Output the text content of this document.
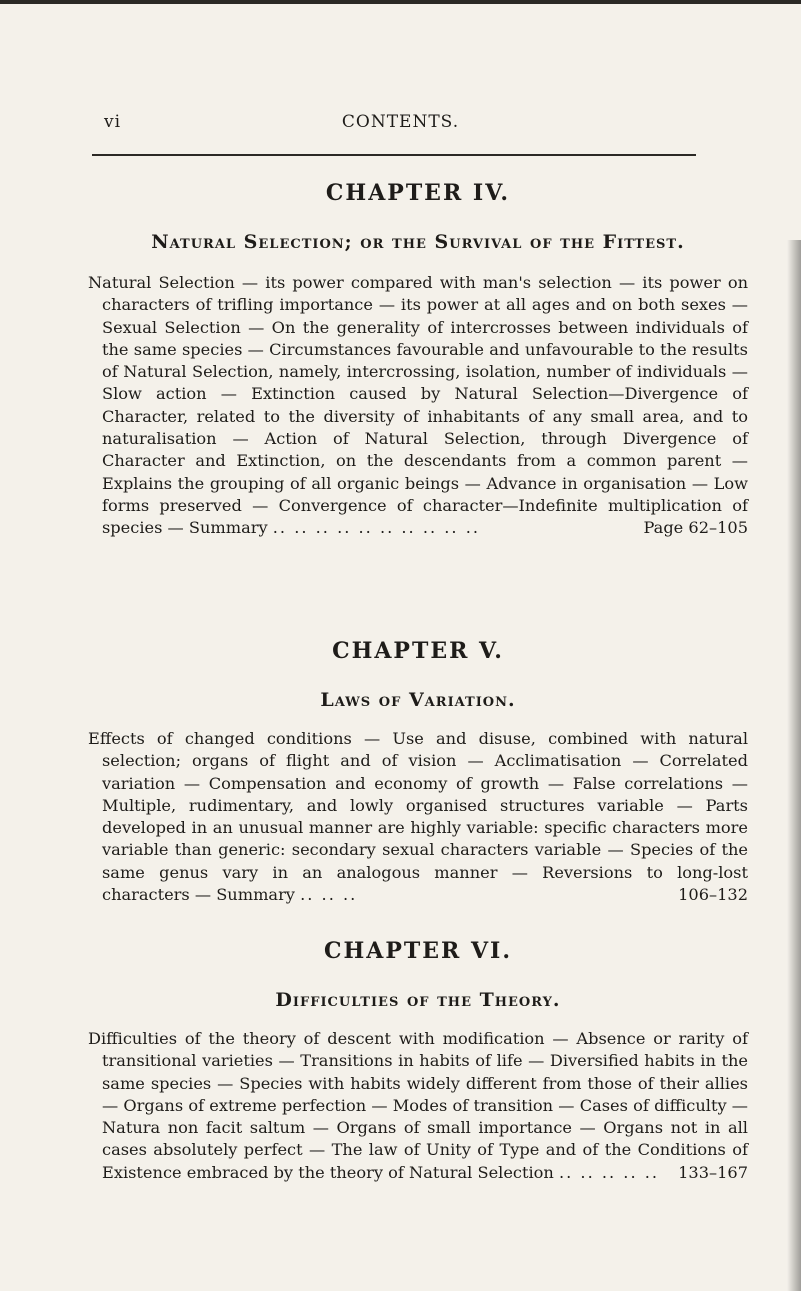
CONTENTS.
vi
CHAPTER IV.
Natural Selection; or the Survival of the Fittest.

Natural Selection — its power compared with man's selection — its power on characters of trifling importance — its power at all ages and on both sexes — Sexual Selection — On the generality of intercrosses between individuals of the same species — Circumstances favourable and unfavourable to the results of Natural Selection, namely, intercrossing, isolation, number of individuals — Slow action — Extinction caused by Natural Selection—Divergence of Character, related to the diversity of inhabitants of any small area, and to naturalisation — Action of Natural Selection, through Divergence of Character and Extinction, on the descendants from a common parent — Explains the grouping of all organic beings — Advance in organisation — Low forms preserved — Convergence of character—Indefinite multiplication of species — Summary .. .. .. .. .. .. .. .. .. ..	Page 62–105

CHAPTER V.
Laws of Variation.

Effects of changed conditions — Use and disuse, combined with natural selection; organs of flight and of vision — Acclimatisation — Correlated variation — Compensation and economy of growth — False correlations — Multiple, rudimentary, and lowly organised structures variable — Parts developed in an unusual manner are highly variable: specific characters more variable than generic: secondary sexual characters variable — Species of the same genus vary in an analogous manner — Reversions to long-lost characters — Summary .. .. ..	106–132

CHAPTER VI.
Difficulties of the Theory.

Difficulties of the theory of descent with modification — Absence or rarity of transitional varieties — Transitions in habits of life — Diversified habits in the same species — Species with habits widely different from those of their allies — Organs of extreme perfection — Modes of transition — Cases of difficulty — Natura non facit saltum — Organs of small importance — Organs not in all cases absolutely perfect — The law of Unity of Type and of the Conditions of Existence embraced by the theory of Natural Selection .. .. .. .. ..	133–167
